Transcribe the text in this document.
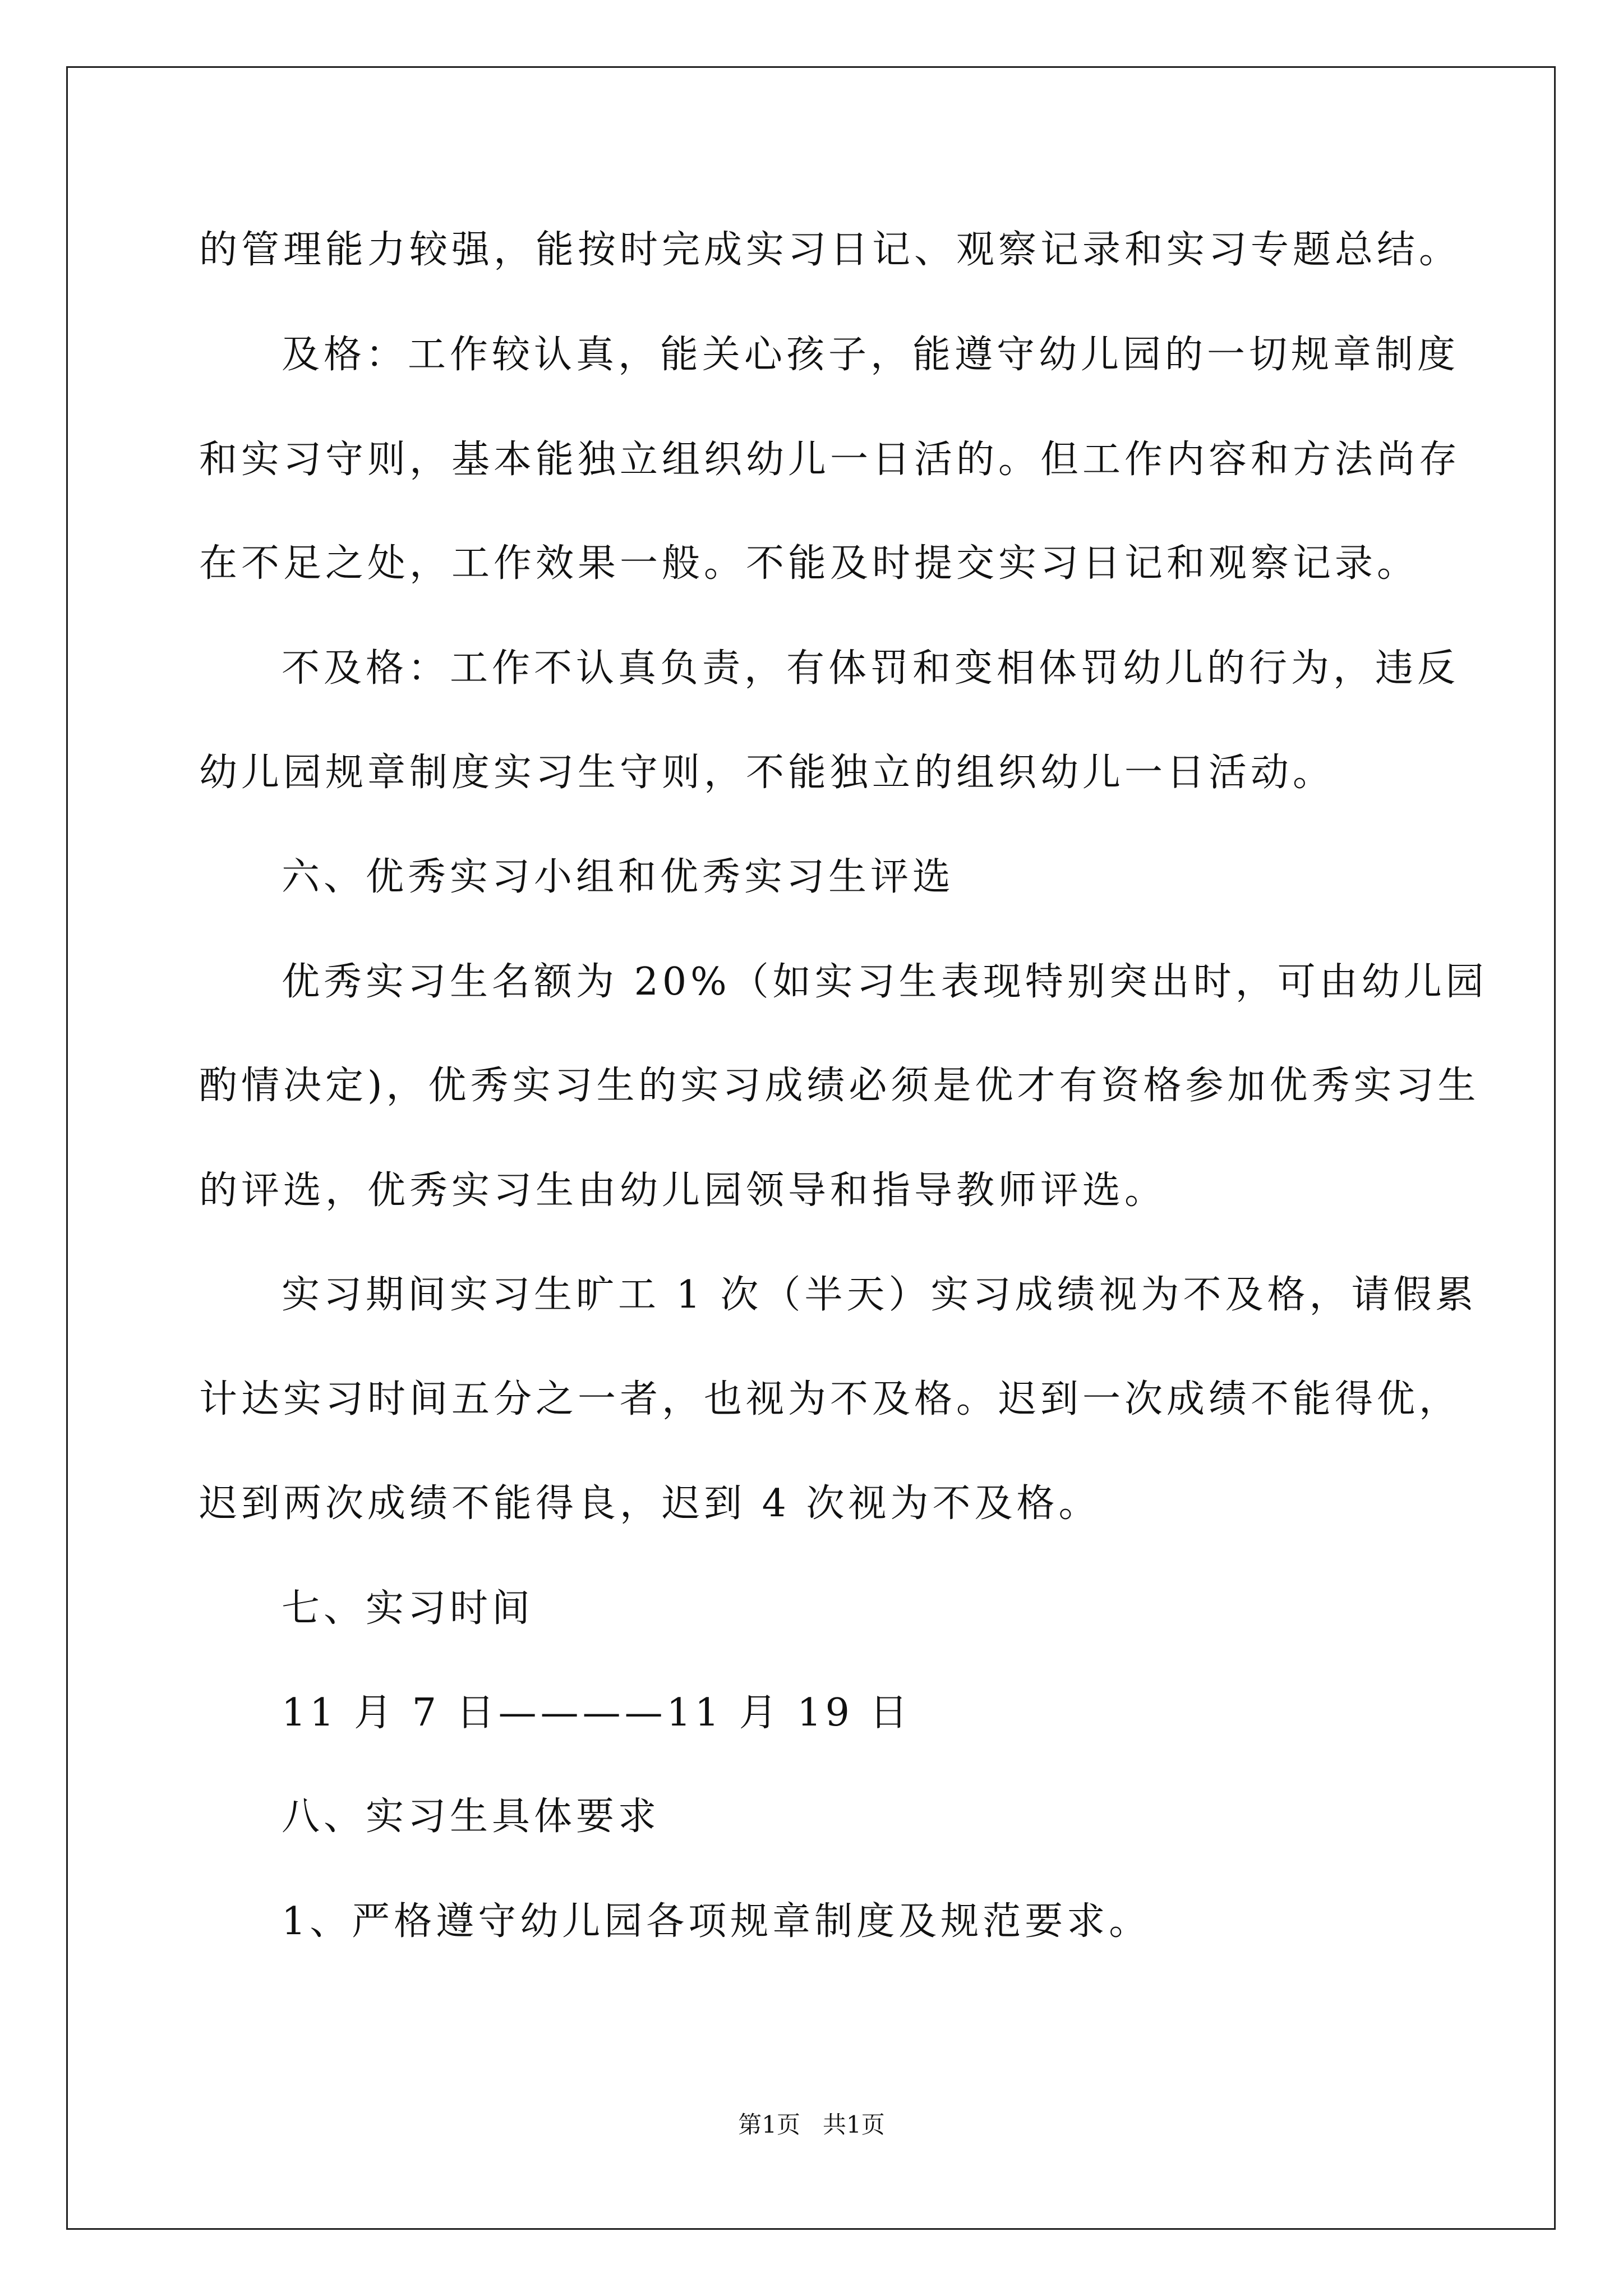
的管理能力较强，能按时完成实习日记、观察记录和实习专题总结。
及格：工作较认真，能关心孩子，能遵守幼儿园的一切规章制度
和实习守则，基本能独立组织幼儿一日活的。但工作内容和方法尚存
在不足之处，工作效果一般。不能及时提交实习日记和观察记录。
不及格：工作不认真负责，有体罚和变相体罚幼儿的行为，违反
幼儿园规章制度实习生守则，不能独立的组织幼儿一日活动。
六、优秀实习小组和优秀实习生评选
优秀实习生名额为 20%（如实习生表现特别突出时，可由幼儿园
酌情决定)，优秀实习生的实习成绩必须是优才有资格参加优秀实习生
的评选，优秀实习生由幼儿园领导和指导教师评选。
实习期间实习生旷工 1 次（半天）实习成绩视为不及格，请假累
计达实习时间五分之一者，也视为不及格。迟到一次成绩不能得优，
迟到两次成绩不能得良，迟到 4 次视为不及格。
七、实习时间
11 月 7 日————11 月 19 日
八、实习生具体要求
1、严格遵守幼儿园各项规章制度及规范要求。
第1页   共1页
